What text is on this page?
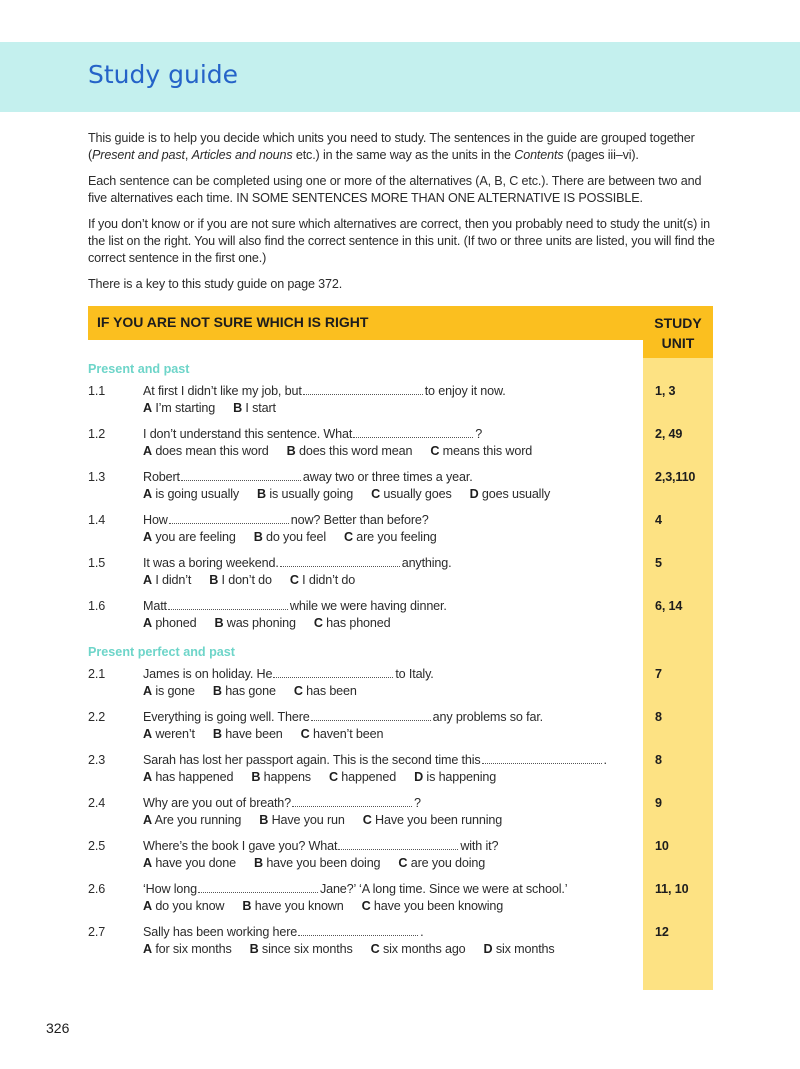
Study guide

This guide is to help you decide which units you need to study. The sentences in the guide are grouped together (Present and past, Articles and nouns etc.) in the same way as the units in the Contents (pages iii–vi).

Each sentence can be completed using one or more of the alternatives (A, B, C etc.). There are between two and five alternatives each time. IN SOME SENTENCES MORE THAN ONE ALTERNATIVE IS POSSIBLE.

If you don’t know or if you are not sure which alternatives are correct, then you probably need to study the unit(s) in the list on the right. You will also find the correct sentence in this unit. (If two or three units are listed, you will find the correct sentence in the first one.)

There is a key to this study guide on page 372.

IF YOU ARE NOT SURE WHICH IS RIGHT	STUDY
UNIT
Present and past
1.1	At first I didn’t like my job, but	to enjoy it now.
A I’m starting B I start
1, 3
1.2	I don’t understand this sentence. What	?
A does mean this word B does this word mean C means this word
2, 49
1.3	Robert	away two or three times a year.
A is going usually B is usually going C usually goes D goes usually
2,3,110
1.4	How	now? Better than before?
A you are feeling B do you feel C are you feeling
4
1.5	It was a boring weekend.	anything.
A I didn’t B I don’t do C I didn’t do
5
1.6	Matt	while we were having dinner.
A phoned B was phoning C has phoned
6, 14
Present perfect and past
2.1	James is on holiday. He	to Italy.
A is gone B has gone C has been
7
2.2	Everything is going well. There	any problems so far.
A weren’t B have been C haven’t been
8
2.3	Sarah has lost her passport again. This is the second time this	.
A has happened B happens C happened D is happening
8
2.4	Why are you out of breath?	?
A Are you running B Have you run C Have you been running
9
2.5	Where’s the book I gave you? What	with it?
A have you done B have you been doing C are you doing
10
2.6	‘How long	Jane?’ ‘A long time. Since we were at school.’
A do you know B have you known C have you been knowing
11, 10
2.7	Sally has been working here	.
A for six months B since six months C six months ago D six months
12
326
